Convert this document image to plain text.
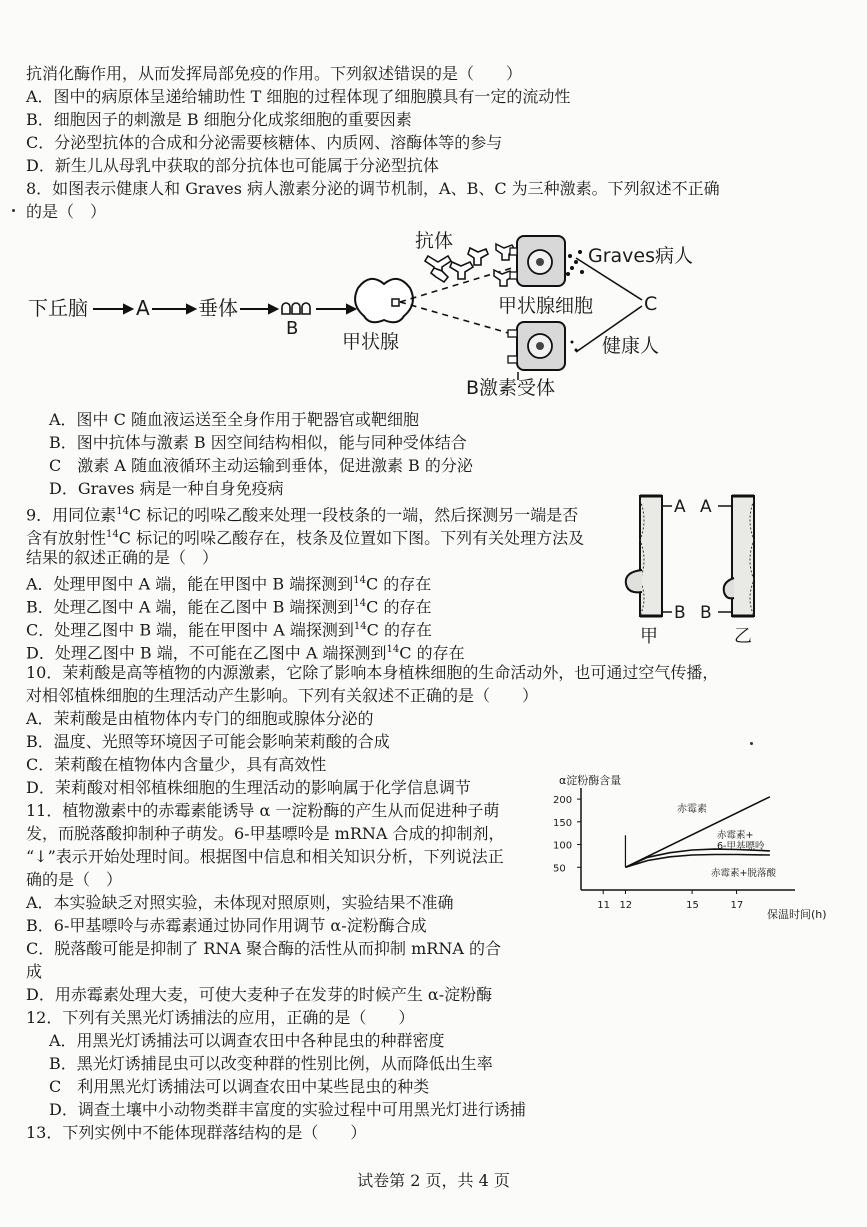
抗消化酶作用，从而发挥局部免疫的作用。下列叙述错误的是（　　）
A．图中的病原体呈递给辅助性 T 细胞的过程体现了细胞膜具有一定的流动性
B．细胞因子的刺激是 B 细胞分化成浆细胞的重要因素
C．分泌型抗体的合成和分泌需要核糖体、内质网、溶酶体等的参与
D．新生儿从母乳中获取的部分抗体也可能属于分泌型抗体
8．如图表示健康人和 Graves 病人激素分泌的调节机制，A、B、C 为三种激素。下列叙述不正确
的是（　）
抗体
Graves病人
下丘脑 A 垂体
B
甲状腺细胞	C
甲状腺	健康人
B激素受体
A．图中 C 随血液运送至全身作用于靶器官或靶细胞
B．图中抗体与激素 B 因空间结构相似，能与同种受体结合
C　激素 A 随血液循环主动运输到垂体，促进激素 B 的分泌
D．Graves 病是一种自身免疫病
9．用同位素$^{14}$C 标记的吲哚乙酸来处理一段枝条的一端，然后探测另一端是否
含有放射性$^{14}$C 标记的吲哚乙酸存在，枝条及位置如下图。下列有关处理方法及
结果的叙述正确的是（　）
A．处理甲图中 A 端，能在甲图中 B 端探测到$^{14}$C 的存在
B．处理乙图中 A 端，能在乙图中 B 端探测到$^{14}$C 的存在
C．处理乙图中 B 端，能在甲图中 A 端探测到$^{14}$C 的存在
D．处理乙图中 B 端，不可能在乙图中 A 端探测到$^{14}$C 的存在
A
B
甲
A
B
乙
10．茉莉酸是高等植物的内源激素，它除了影响本身植株细胞的生命活动外，也可通过空气传播，
对相邻植株细胞的生理活动产生影响。下列有关叙述不正确的是（　　）
A．茉莉酸是由植物体内专门的细胞或腺体分泌的
B．温度、光照等环境因子可能会影响茉莉酸的合成
C．茉莉酸在植物体内含量少，具有高效性
D．茉莉酸对相邻植株细胞的生理活动的影响属于化学信息调节
11．植物激素中的赤霉素能诱导 α 一淀粉酶的产生从而促进种子萌
发，而脱落酸抑制种子萌发。6-甲基嘌呤是 mRNA 合成的抑制剂，
“↓”表示开始处理时间。根据图中信息和相关知识分析，下列说法正
确的是（　）
A．本实验缺乏对照实验，未体现对照原则，实验结果不准确
B．6-甲基嘌呤与赤霉素通过协同作用调节 α-淀粉酶合成
C．脱落酸可能是抑制了 RNA 聚合酶的活性从而抑制 mRNA 的合
成
D．用赤霉素处理大麦，可使大麦种子在发芽的时候产生 α-淀粉酶
α淀粉酶含量
保温时间(h)
11 12	15	17
50
100
150
200
赤霉素
赤霉素+
6-甲基嘌呤
赤霉素+脱落酸
12．下列有关黑光灯诱捕法的应用，正确的是（　　）
A．用黑光灯诱捕法可以调查农田中各种昆虫的种群密度
B．黑光灯诱捕昆虫可以改变种群的性别比例，从而降低出生率
C　利用黑光灯诱捕法可以调查农田中某些昆虫的种类
D．调查土壤中小动物类群丰富度的实验过程中可用黑光灯进行诱捕
13．下列实例中不能体现群落结构的是（　　）
试卷第 2 页，共 4 页
